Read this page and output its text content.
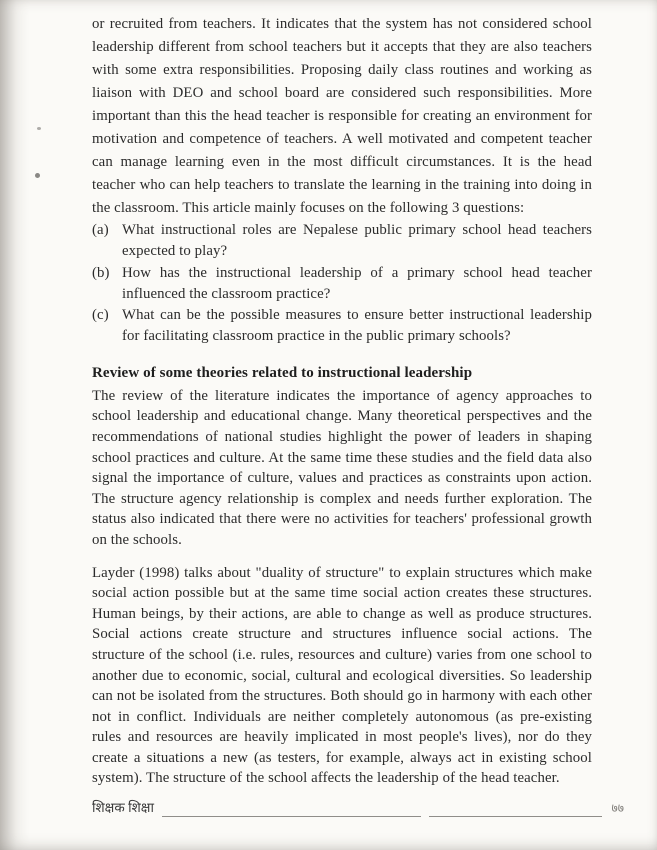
or recruited from teachers. It indicates that the system has not considered school leadership different from school teachers but it accepts that they are also teachers with some extra responsibilities. Proposing daily class routines and working as liaison with DEO and school board are considered such responsibilities. More important than this the head teacher is responsible for creating an environment for motivation and competence of teachers. A well motivated and competent teacher can manage learning even in the most difficult circumstances. It is the head teacher who can help teachers to translate the learning in the training into doing in the classroom. This article mainly focuses on the following 3 questions:

(a) What instructional roles are Nepalese public primary school head teachers expected to play?
(b) How has the instructional leadership of a primary school head teacher influenced the classroom practice?
(c) What can be the possible measures to ensure better instructional leadership for facilitating classroom practice in the public primary schools?
Review of some theories related to instructional leadership

The review of the literature indicates the importance of agency approaches to school leadership and educational change. Many theoretical perspectives and the recommendations of national studies highlight the power of leaders in shaping school practices and culture. At the same time these studies and the field data also signal the importance of culture, values and practices as constraints upon action. The structure agency relationship is complex and needs further exploration. The status also indicated that there were no activities for teachers' professional growth on the schools.

Layder (1998) talks about "duality of structure" to explain structures which make social action possible but at the same time social action creates these structures. Human beings, by their actions, are able to change as well as produce structures. Social actions create structure and structures influence social actions. The structure of the school (i.e. rules, resources and culture) varies from one school to another due to economic, social, cultural and ecological diversities. So leadership can not be isolated from the structures. Both should go in harmony with each other not in conflict. Individuals are neither completely autonomous (as pre-existing rules and resources are heavily implicated in most people's lives), nor do they create a situations a new (as testers, for example, always act in existing school system). The structure of the school affects the leadership of the head teacher.

शिक्षक शिक्षा	७७
